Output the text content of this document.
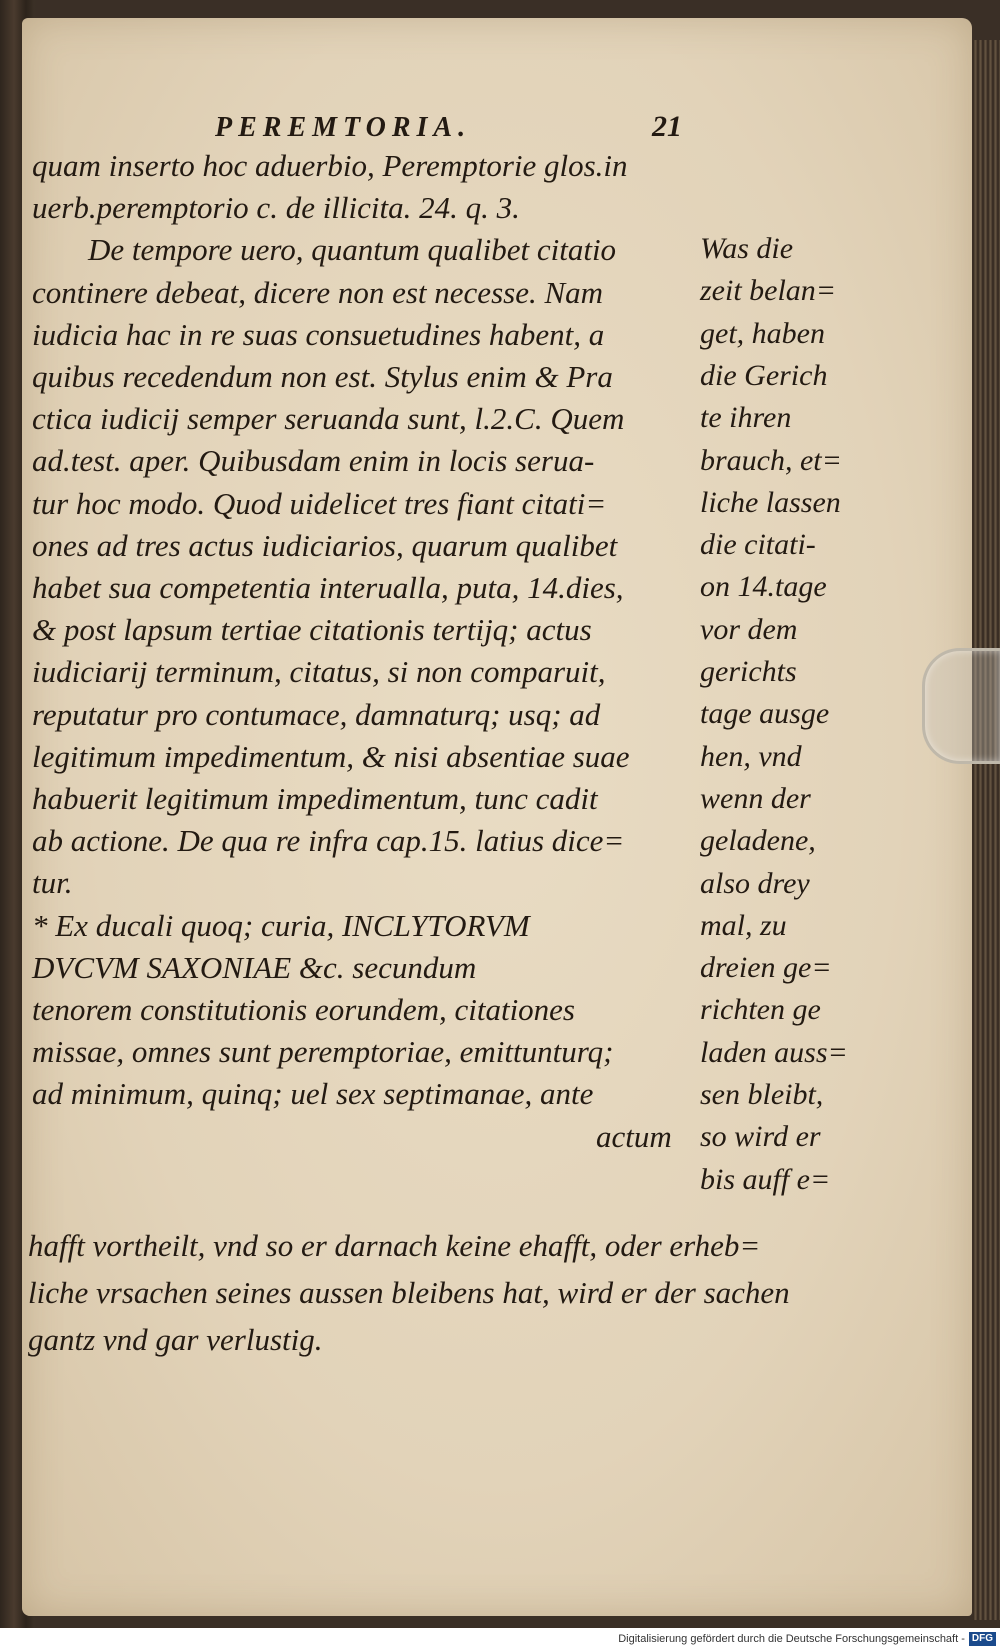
PEREMTORIA.	21
quam inserto hoc aduerbio, Peremptorie glos.in
uerb.peremptorio c. de illicita. 24. q. 3.
De tempore uero, quantum qualibet citatio
continere debeat, dicere non est necesse. Nam
iudicia hac in re suas consuetudines habent, a
quibus recedendum non est. Stylus enim & Pra
ctica iudicij semper seruanda sunt, l.2.C. Quem
ad.test. aper. Quibusdam enim in locis serua-
tur hoc modo. Quod uidelicet tres fiant citati=
ones ad tres actus iudiciarios, quarum qualibet
habet sua competentia interualla, puta, 14.dies,
& post lapsum tertiae citationis tertijq; actus
iudiciarij terminum, citatus, si non comparuit,
reputatur pro contumace, damnaturq; usq; ad
legitimum impedimentum, & nisi absentiae suae
habuerit legitimum impedimentum, tunc cadit
ab actione. De qua re infra cap.15. latius dice=
tur.
* Ex ducali quoq; curia, INCLYTORVM
DVCVM SAXONIAE &c. secundum
tenorem constitutionis eorundem, citationes
missae, omnes sunt peremptoriae, emittunturq;
ad minimum, quinq; uel sex septimanae, ante
actum
Was die
zeit belan=
get, haben
die Gerich
te ihren
brauch, et=
liche lassen
die citati-
on 14.tage
vor dem
gerichts
tage ausge
hen, vnd
wenn der
geladene,
also drey
mal, zu
dreien ge=
richten ge
laden auss=
sen bleibt,
so wird er
bis auff e=
hafft vortheilt, vnd so er darnach keine ehafft, oder erheb=
liche vrsachen seines aussen bleibens hat, wird er der sachen
gantz vnd gar verlustig.
Digitalisierung gefördert durch die Deutsche Forschungsgemeinschaft - DFG
